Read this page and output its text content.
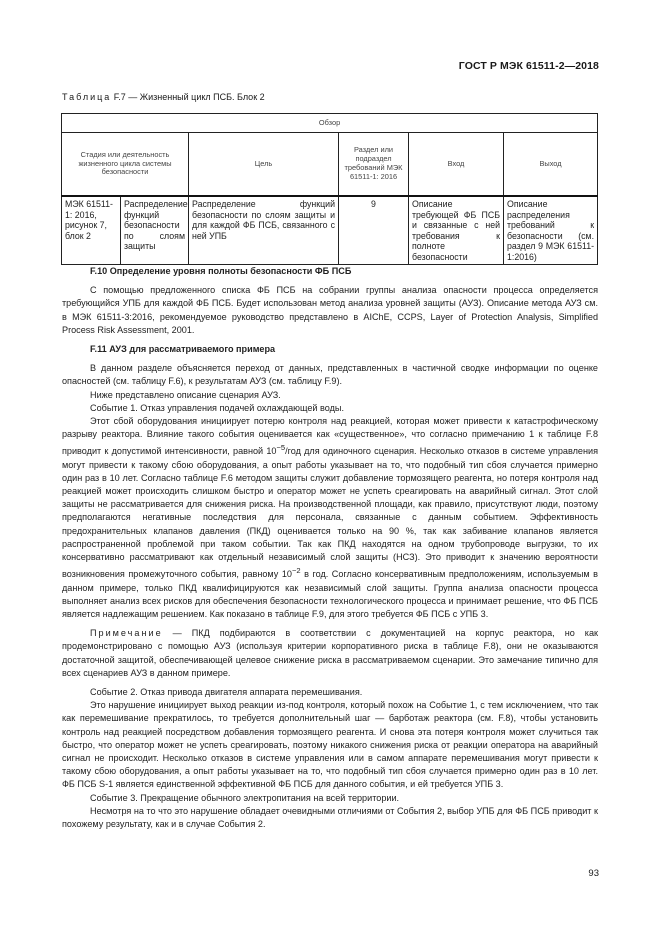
ГОСТ Р МЭК 61511-2—2018
Таблица F.7 — Жизненный цикл ПСБ. Блок 2
Обзор					
Стадия или деятельность жизненного цикла системы безопасности		Цель	Раздел или подраздел требований МЭК 61511-1: 2016	Вход	Выход
МЭК 61511-1: 2016, рисунок 7, блок 2	Распределение функций безопасности по слоям защиты	Распределение функций безопасности по слоям защиты и для каждой ФБ ПСБ, связанного с ней УПБ	9	Описание требующей ФБ ПСБ и связанные с ней требования к полноте безопасности	Описание распределения требований к безопасности (см. раздел 9 МЭК 61511-1:2016)
F.10 Определение уровня полноты безопасности ФБ ПСБ

С помощью предложенного списка ФБ ПСБ на собрании группы анализа опасности процесса определяется требующийся УПБ для каждой ФБ ПСБ. Будет использован метод анализа уровней защиты (АУЗ). Описание метода АУЗ см. в МЭК 61511-3:2016, рекомендуемое руководство представлено в AIChE, CCPS, Layer of Protection Analysis, Simplified Process Risk Assessment, 2001.

F.11 АУЗ для рассматриваемого примера

В данном разделе объясняется переход от данных, представленных в частичной сводке информации по оценке опасностей (см. таблицу F.6), к результатам АУЗ (см. таблицу F.9).

Ниже представлено описание сценария АУЗ.

Событие 1. Отказ управления подачей охлаждающей воды.

Этот сбой оборудования инициирует потерю контроля над реакцией, которая может привести к катастрофическому разрыву реактора. Влияние такого события оценивается как «существенное», что согласно примечанию 1 к таблице F.8 приводит к допустимой интенсивности, равной $10^{-5}$/год для одиночного сценария. Несколько отказов в системе управления могут привести к такому сбою оборудования, а опыт работы указывает на то, что подобный тип сбоя случается примерно один раз в 10 лет. Согласно таблице F.6 методом защиты служит добавление тормозящего реагента, но потеря контроля над реакцией может происходить слишком быстро и оператор может не успеть среагировать на аварийный сигнал. Этот слой защиты не рассматривается для снижения риска. На производственной площади, как правило, присутствуют люди, поэтому предполагаются негативные последствия для персонала, связанные с данным событием. Эффективность предохранительных клапанов давления (ПКД) оценивается только на 90 %, так как забивание клапанов является распространенной проблемой при таком событии. Так как ПКД находятся на одном трубопроводе выгрузки, то их консервативно рассматривают как отдельный независимый слой защиты (НСЗ). Это приводит к значению вероятности возникновения промежуточного события, равному $10^{-2}$ в год. Согласно консервативным предположениям, используемым в данном примере, только ПКД квалифицируются как независимый слой защиты. Группа анализа опасности процесса выполняет анализ всех рисков для обеспечения безопасности технологического процесса и принимает решение, что ФБ ПСБ является надлежащим решением. Как показано в таблице F.9, для этого требуется ФБ ПСБ с УПБ 3.

Примечание — ПКД подбираются в соответствии с документацией на корпус реактора, но как продемонстрировано с помощью АУЗ (используя критерии корпоративного риска в таблице F.8), они не оказываются достаточной защитой, обеспечивающей целевое снижение риска в рассматриваемом сценарии. Это замечание типично для всех сценариев АУЗ в данном примере.

Событие 2. Отказ привода двигателя аппарата перемешивания.

Это нарушение инициирует выход реакции из-под контроля, который похож на Событие 1, с тем исключением, что так как перемешивание прекратилось, то требуется дополнительный шаг — барботаж реактора (см. F.8), чтобы установить контроль над реакцией посредством добавления тормозящего реагента. И снова эта потеря контроля может случиться так быстро, что оператор может не успеть среагировать, поэтому никакого снижения риска от реакции оператора на аварийный сигнал не происходит. Несколько отказов в системе управления или в самом аппарате перемешивания могут привести к такому сбою оборудования, а опыт работы указывает на то, что подобный тип сбоя случается примерно один раз в 10 лет. ФБ ПСБ S-1 является единственной эффективной ФБ ПСБ для данного события, и ей требуется УПБ 3.

Событие 3. Прекращение обычного электропитания на всей территории.

Несмотря на то что это нарушение обладает очевидными отличиями от События 2, выбор УПБ для ФБ ПСБ приводит к похожему результату, как и в случае События 2.

93
